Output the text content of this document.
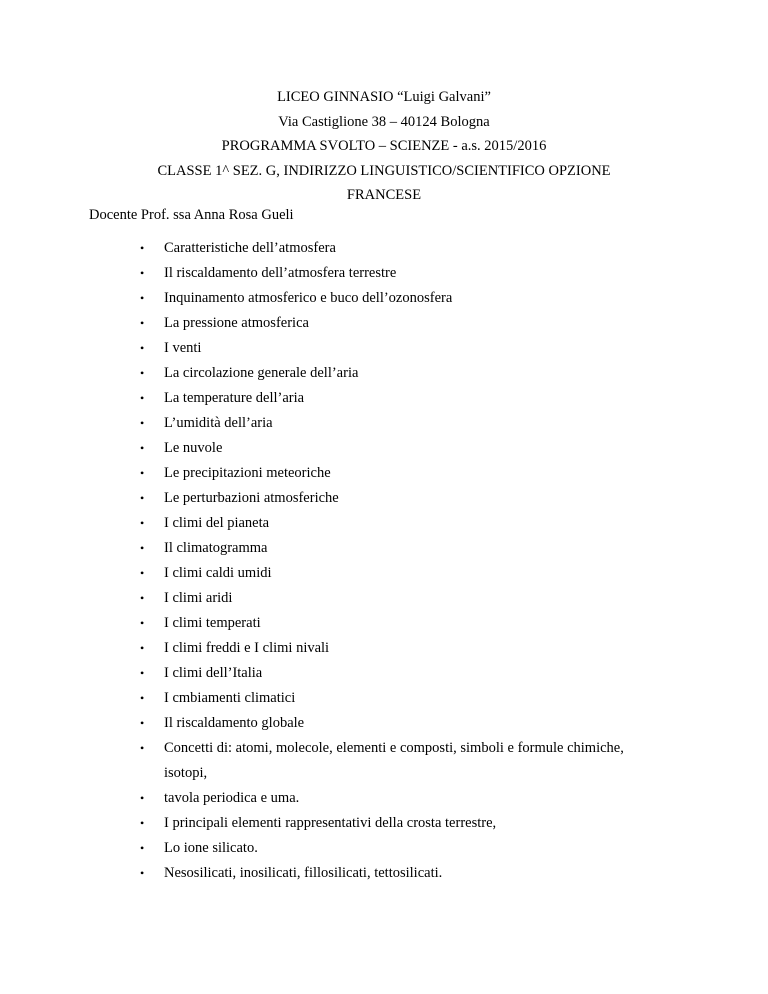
LICEO GINNASIO “Luigi Galvani”
Via Castiglione 38 – 40124 Bologna
PROGRAMMA SVOLTO – SCIENZE - a.s. 2015/2016
CLASSE 1^ SEZ. G, INDIRIZZO LINGUISTICO/SCIENTIFICO OPZIONE
FRANCESE
Docente Prof. ssa Anna Rosa Gueli
• Caratteristiche dell’atmosfera
• Il riscaldamento dell’atmosfera terrestre
• Inquinamento atmosferico e buco dell’ozonosfera
• La pressione atmosferica
• I venti
• La circolazione generale dell’aria
• La temperature dell’aria
• L’umidità dell’aria
• Le nuvole
• Le precipitazioni meteoriche
• Le perturbazioni atmosferiche
• I climi del pianeta
• Il climatogramma
• I climi caldi umidi
• I climi aridi
• I climi temperati
• I climi freddi e I climi nivali
• I climi dell’Italia
• I cmbiamenti climatici
• Il riscaldamento globale
• Concetti di: atomi, molecole, elementi e composti, simboli e formule chimiche, isotopi,
• tavola periodica e uma.
• I principali elementi rappresentativi della crosta terrestre,
• Lo ione silicato.
• Nesosilicati, inosilicati, fillosilicati, tettosilicati.
